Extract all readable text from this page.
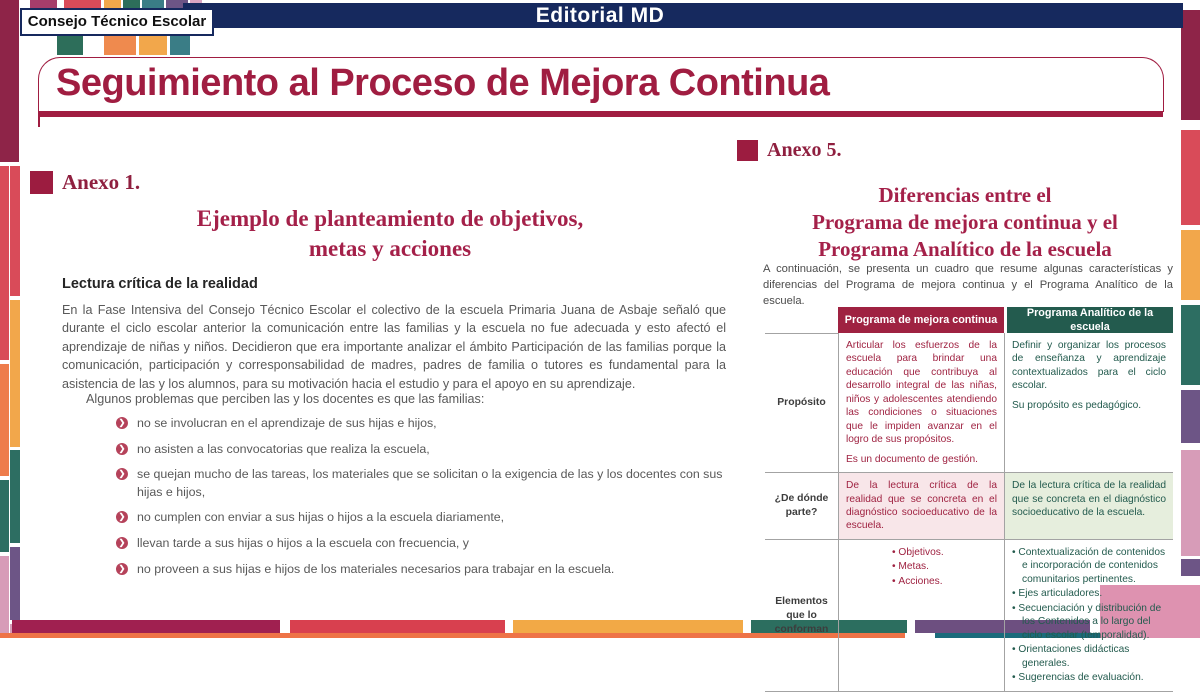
Editorial MD
Consejo Técnico Escolar
Seguimiento al Proceso de Mejora Continua
Anexo 1.
Ejemplo de planteamiento de objetivos,
metas y acciones
Lectura crítica de la realidad
En la Fase Intensiva del Consejo Técnico Escolar el colectivo de la escuela Primaria Juana de Asbaje señaló que durante el ciclo escolar anterior la comunicación entre las familias y la escuela no fue adecuada y esto afectó el aprendizaje de niñas y niños. Decidieron que era importante analizar el ámbito Participación de las familias porque la comunicación, participación y corresponsabilidad de madres, padres de familia o tutores es fundamental para la asistencia de las y los alumnos, para su motivación hacia el estudio y para el apoyo en su aprendizaje.
Algunos problemas que perciben las y los docentes es que las familias:
❯ no se involucran en el aprendizaje de sus hijas e hijos,
❯ no asisten a las convocatorias que realiza la escuela,
❯ se quejan mucho de las tareas, los materiales que se solicitan o la exigencia de las y los docentes con sus hijas e hijos,
❯ no cumplen con enviar a sus hijas o hijos a la escuela diariamente,
❯ llevan tarde a sus hijas o hijos a la escuela con frecuencia, y
❯ no proveen a sus hijas e hijos de los materiales necesarios para trabajar en la escuela.
Anexo 5.
Diferencias entre el
Programa de mejora continua y el
Programa Analítico de la escuela
A continuación, se presenta un cuadro que resume algunas características y diferencias del Programa de mejora continua y el Programa Analítico de la escuela.
Programa de mejora continua
Programa Analítico de la escuela
Propósito

Articular los esfuerzos de la escuela para brindar una educación que contribuya al desarrollo integral de las niñas, niños y adolescentes atendiendo las condiciones o situaciones que le impiden avanzar en el logro de sus propósitos.

Es un documento de gestión.

Definir y organizar los procesos de enseñanza y aprendizaje contextualizados para el ciclo escolar.

Su propósito es pedagógico.

¿De dónde parte?

De la lectura crítica de la realidad que se concreta en el diagnóstico socioeducativo de la escuela.

De la lectura crítica de la realidad que se concreta en el diagnóstico socioeducativo de la escuela.

Elementos que lo conforman
• Objetivos.
• Metas.
• Acciones.
• Contextualización de contenidos e incorporación de contenidos comunitarios pertinentes.
• Ejes articuladores.
• Secuenciación y distribución de los Contenidos a lo largo del ciclo escolar (temporalidad).
• Orientaciones didácticas generales.
• Sugerencias de evaluación.
